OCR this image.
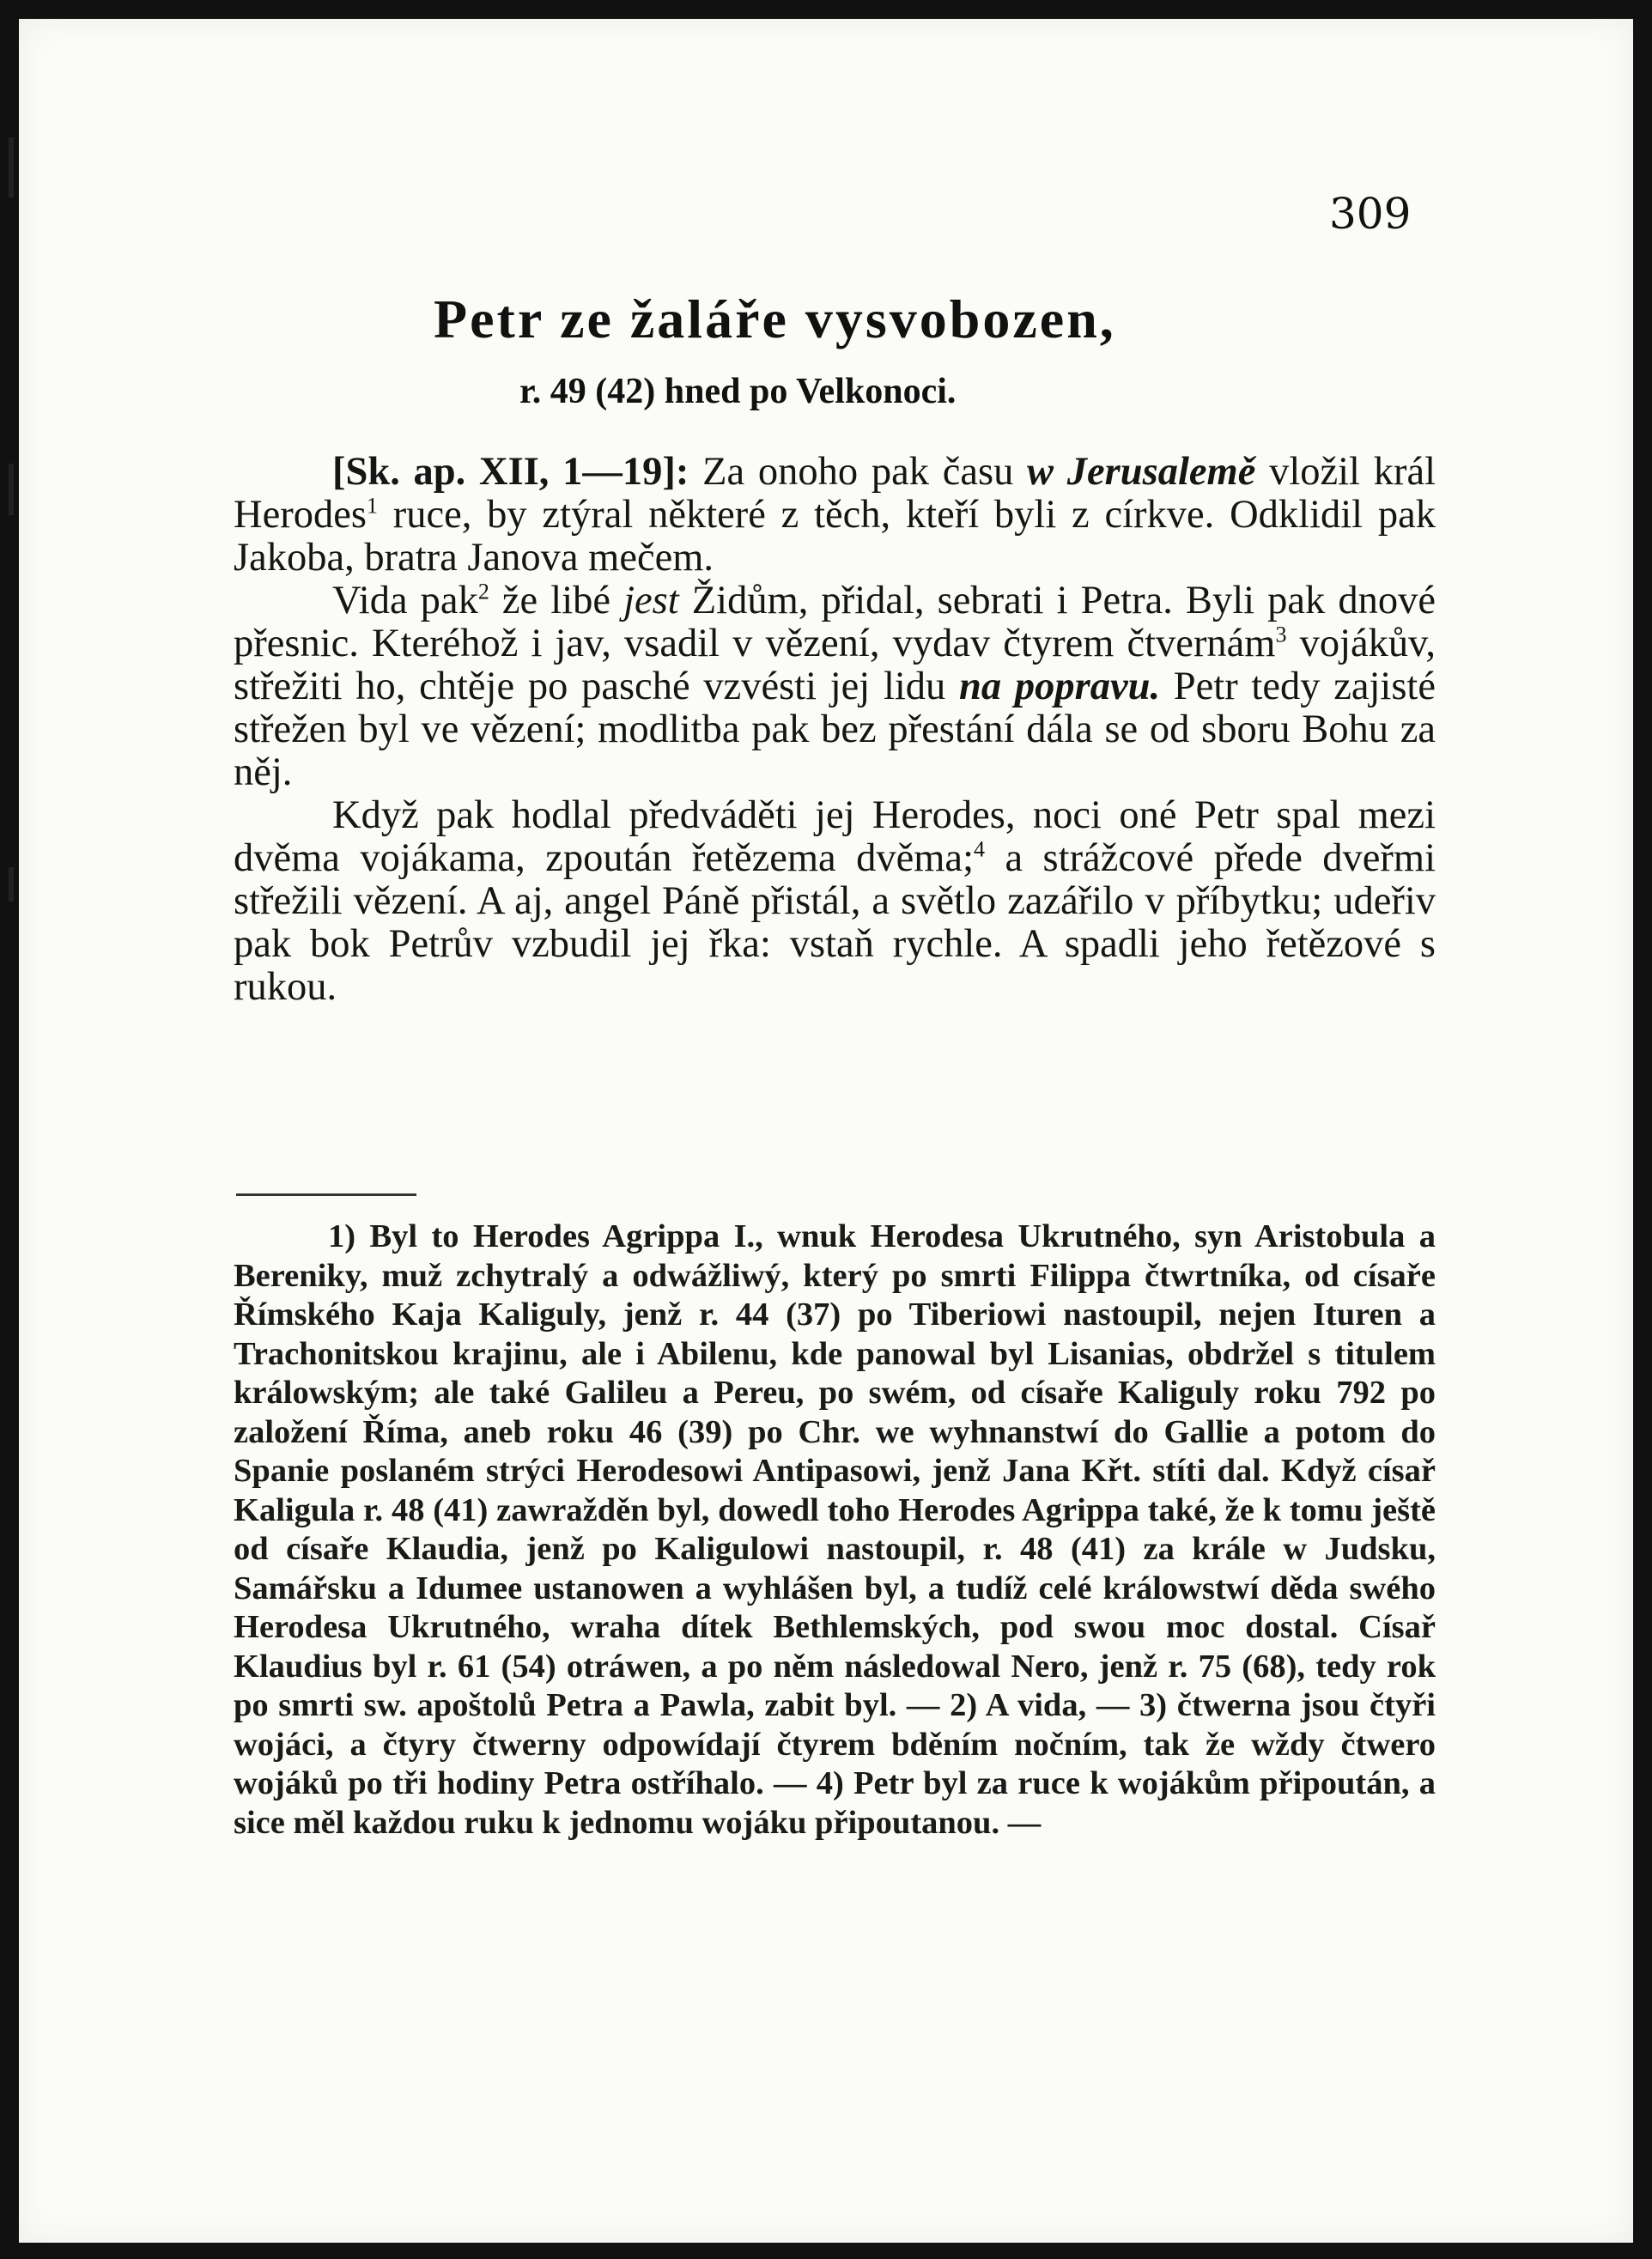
309
Petr ze žaláře vysvobozen,
r. 49 (42) hned po Velkonoci.

[Sk. ap. XII, 1—19]: Za onoho pak času w Jerusalemě vložil král Herodes$^1$ ruce, by ztýral některé z těch, kteří byli z církve. Odklidil pak Jakoba, bratra Janova mečem.

Vida pak$^2$ že libé jest Židům, přidal, sebrati i Petra. Byli pak dnové přesnic. Kteréhož i jav, vsadil v vězení, vydav čtyrem čtvernám$^3$ vojákův, střežiti ho, chtěje po pasché vzvésti jej lidu na popravu. Petr tedy zajisté střežen byl ve vězení; modlitba pak bez přestání dála se od sboru Bohu za něj.

Když pak hodlal předváděti jej Herodes, noci oné Petr spal mezi dvěma vojákama, zpoután řetězema dvěma;$^4$ a strážcové přede dveřmi střežili vězení. A aj, angel Páně přistál, a světlo zazářilo v příbytku; udeřiv pak bok Petrův vzbudil jej řka: vstaň rychle. A spadli jeho řetězové s rukou.

1) Byl to Herodes Agrippa I., wnuk Herodesa Ukrutného, syn Aristobula a Bereniky, muž zchytralý a odwážliwý, který po smrti Filippa čtwrtníka, od císaře Římského Kaja Kaliguly, jenž r. 44 (37) po Tiberiowi nastoupil, nejen Ituren a Trachonitskou krajinu, ale i Abilenu, kde panowal byl Lisanias, obdržel s titulem králowským; ale také Galileu a Pereu, po swém, od císaře Kaliguly roku 792 po založení Říma, aneb roku 46 (39) po Chr. we wyhnanstwí do Gallie a potom do Spanie poslaném strýci Herodesowi Antipasowi, jenž Jana Křt. stíti dal. Když císař Kaligula r. 48 (41) zawražděn byl, dowedl toho Herodes Agrippa také, že k tomu ještě od císaře Klaudia, jenž po Kaligulowi nastoupil, r. 48 (41) za krále w Judsku, Samářsku a Idumee ustanowen a wyhlášen byl, a tudíž celé králowstwí děda swého Herodesa Ukrutného, wraha dítek Bethlemských, pod swou moc dostal. Císař Klaudius byl r. 61 (54) otráwen, a po něm následowal Nero, jenž r. 75 (68), tedy rok po smrti sw. apoštolů Petra a Pawla, zabit byl. — 2) A vida, — 3) čtwerna jsou čtyři wojáci, a čtyry čtwerny odpowídají čtyrem bděním nočním, tak že wždy čtwero wojáků po tři hodiny Petra ostříhalo. — 4) Petr byl za ruce k wojákům připoután, a sice měl každou ruku k jednomu wojáku připoutanou. —
